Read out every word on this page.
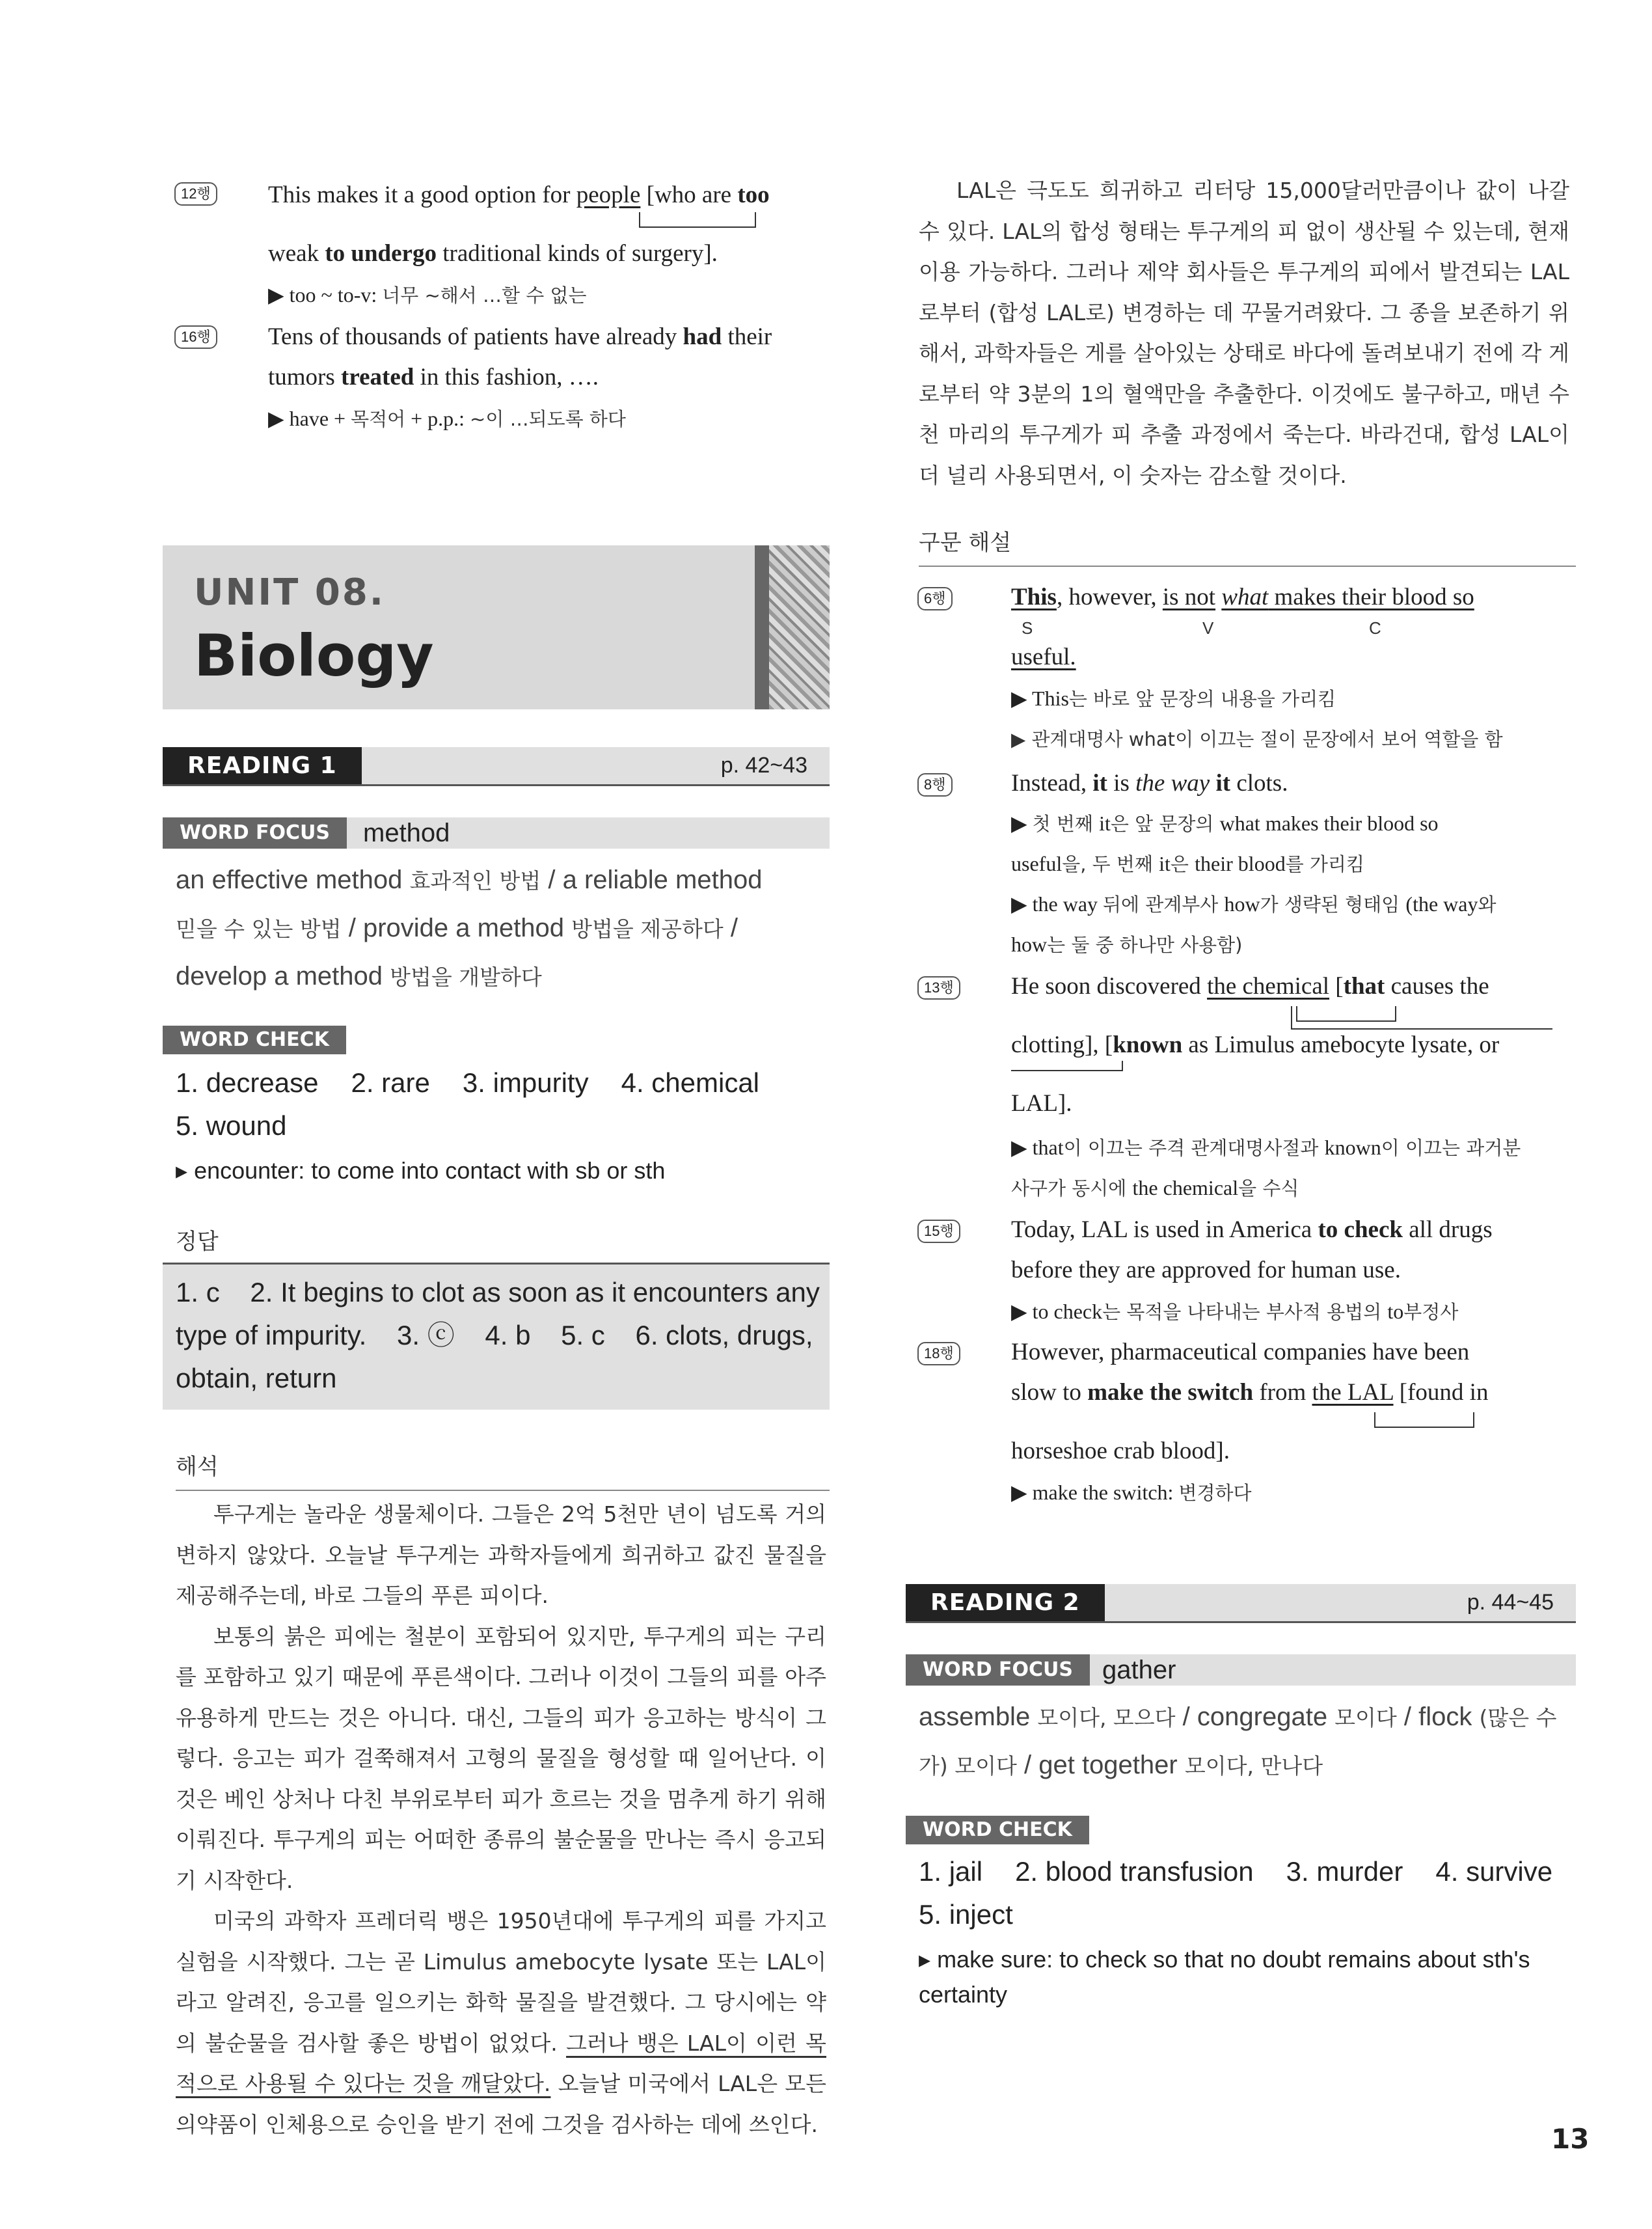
12행 This makes it a good option for people [who are too
weak to undergo traditional kinds of surgery].
▶ too ~ to-v: 너무 ~해서 …할 수 없는
16행 Tens of thousands of patients have already had their
tumors treated in this fashion, ….
▶ have + 목적어 + p.p.: ~이 …되도록 하다
UNIT 08.
Biology
READING 1	p. 42~43
WORD FOCUS	method
an effective method 효과적인 방법 / a reliable method
믿을 수 있는 방법 / provide a method 방법을 제공하다 /
develop a method 방법을 개발하다
WORD CHECK
1. decrease 2. rare 3. impurity 4. chemical
5. wound
▸ encounter: to come into contact with sb or sth
정답
1. c    2. It begins to clot as soon as it encounters any
type of impurity.    3. ⓒ    4. b    5. c    6. clots, drugs,
obtain, return
해석

투구게는 놀라운 생물체이다. 그들은 2억 5천만 년이 넘도록 거의 변하지 않았다. 오늘날 투구게는 과학자들에게 희귀하고 값진 물질을 제공해주는데, 바로 그들의 푸른 피이다.

보통의 붉은 피에는 철분이 포함되어 있지만, 투구게의 피는 구리를 포함하고 있기 때문에 푸른색이다. 그러나 이것이 그들의 피를 아주 유용하게 만드는 것은 아니다. 대신, 그들의 피가 응고하는 방식이 그렇다. 응고는 피가 걸쭉해져서 고형의 물질을 형성할 때 일어난다. 이것은 베인 상처나 다친 부위로부터 피가 흐르는 것을 멈추게 하기 위해 이뤄진다. 투구게의 피는 어떠한 종류의 불순물을 만나는 즉시 응고되기 시작한다.

미국의 과학자 프레더릭 뱅은 1950년대에 투구게의 피를 가지고 실험을 시작했다. 그는 곧 Limulus amebocyte lysate 또는 LAL이라고 알려진, 응고를 일으키는 화학 물질을 발견했다. 그 당시에는 약의 불순물을 검사할 좋은 방법이 없었다. 그러나 뱅은 LAL이 이런 목적으로 사용될 수 있다는 것을 깨달았다. 오늘날 미국에서 LAL은 모든 의약품이 인체용으로 승인을 받기 전에 그것을 검사하는 데에 쓰인다.

LAL은 극도도 희귀하고 리터당 15,000달러만큼이나 값이 나갈 수 있다. LAL의 합성 형태는 투구게의 피 없이 생산될 수 있는데, 현재 이용 가능하다. 그러나 제약 회사들은 투구게의 피에서 발견되는 LAL로부터 (합성 LAL로) 변경하는 데 꾸물거려왔다. 그 종을 보존하기 위해서, 과학자들은 게를 살아있는 상태로 바다에 돌려보내기 전에 각 게로부터 약 3분의 1의 혈액만을 추출한다. 이것에도 불구하고, 매년 수천 마리의 투구게가 피 추출 과정에서 죽는다. 바라건대, 합성 LAL이 더 널리 사용되면서, 이 숫자는 감소할 것이다.

구문 해설
6행	This, however, is not what makes their blood so
S	V	C
useful.
▶ This는 바로 앞 문장의 내용을 가리킴
▶ 관계대명사 what이 이끄는 절이 문장에서 보어 역할을 함
8행	Instead, it is the way it clots.
▶ 첫 번째 it은 앞 문장의 what makes their blood so
useful을, 두 번째 it은 their blood를 가리킴
▶ the way 뒤에 관계부사 how가 생략된 형태임 (the way와
how는 둘 중 하나만 사용함)
13행 He soon discovered the chemical [that causes the
clotting], [known as Limulus amebocyte lysate, or
LAL].
▶ that이 이끄는 주격 관계대명사절과 known이 이끄는 과거분
사구가 동시에 the chemical을 수식
15행 Today, LAL is used in America to check all drugs
before they are approved for human use.
▶ to check는 목적을 나타내는 부사적 용법의 to부정사
18행 However, pharmaceutical companies have been
slow to make the switch from the LAL [found in
horseshoe crab blood].
▶ make the switch: 변경하다
READING 2	p. 44~45
WORD FOCUS	gather
assemble 모이다, 모으다 / congregate 모이다 / flock (많은 수
가) 모이다 / get together 모이다, 만나다
WORD CHECK
1. jail 2. blood transfusion 3. murder 4. survive
5. inject
▸ make sure: to check so that no doubt remains about sth's
certainty
13
